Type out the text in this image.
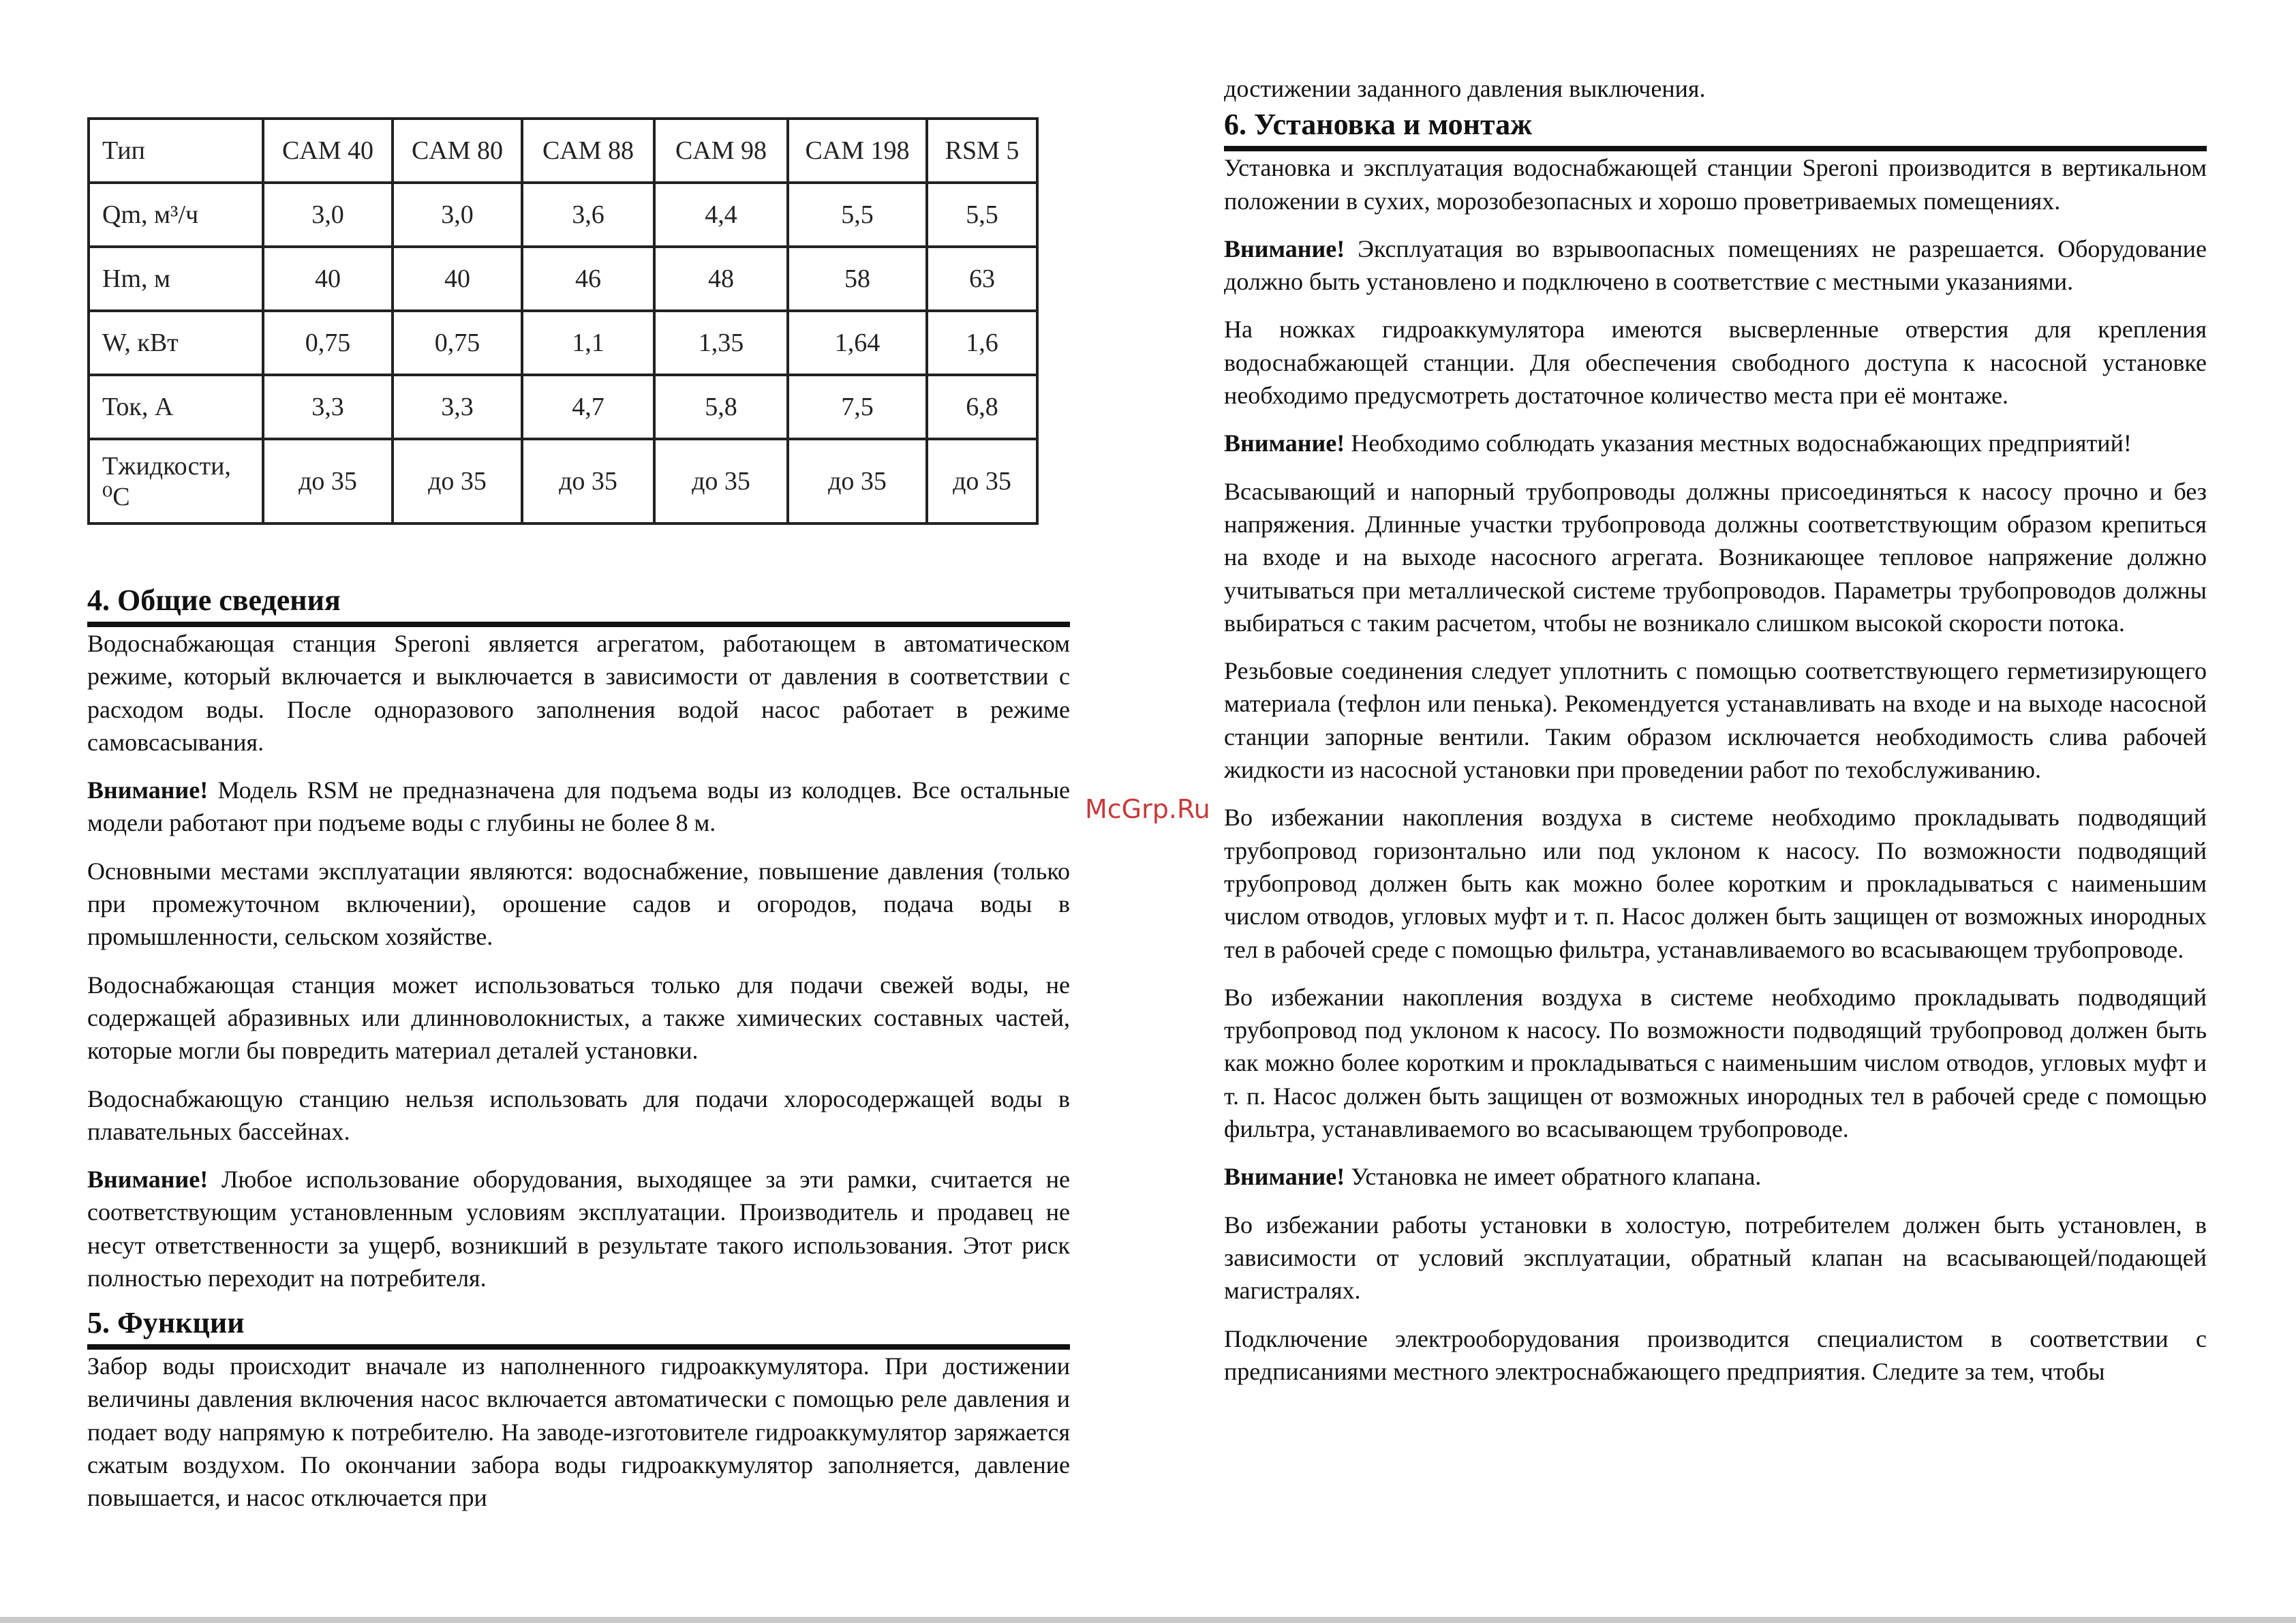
Тип	CAM 40	CAM 80	CAM 88	CAM 98	CAM 198	RSM 5
Qm, м³/ч	3,0	3,0	3,6	4,4	5,5	5,5
Hm, м	40	40	46	48	58	63
W, кВт	0,75	0,75	1,1	1,35	1,64	1,6
Ток, А	3,3	3,3	4,7	5,8	7,5	6,8
Тжидкости, ⁰С	до 35	до 35	до 35	до 35	до 35	до 35
4. Общие сведения

Водоснабжающая станция Speroni является агрегатом, работающем в автоматическом режиме, который включается и выключается в зависимости от давления в соответствии с расходом воды. После одноразового заполнения водой насос работает в режиме самовсасывания.

Внимание! Модель RSM не предназначена для подъема воды из колодцев. Все остальные модели работают при подъеме воды с глубины не более 8 м.

Основными местами эксплуатации являются: водоснабжение, повышение давления (только при промежуточном включении), орошение садов и огородов, подача воды в промышленности, сельском хозяйстве.

Водоснабжающая станция может использоваться только для подачи свежей воды, не содержащей абразивных или длинноволокнистых, а также химических составных частей, которые могли бы повредить материал деталей установки.

Водоснабжающую станцию нельзя использовать для подачи хлоросодержащей воды в плавательных бассейнах.

Внимание! Любое использование оборудования, выходящее за эти рамки, считается не соответствующим установленным условиям эксплуатации. Производитель и продавец не несут ответственности за ущерб, возникший в результате такого использования. Этот риск полностью переходит на потребителя.

5. Функции

Забор воды происходит вначале из наполненного гидроаккумулятора. При достижении величины давления включения насос включается автоматически с помощью реле давления и подает воду напрямую к потребителю. На заводе-изготовителе гидроаккумулятор заряжается сжатым воздухом. По окончании забора воды гидроаккумулятор заполняется, давление повышается, и насос отключается при

McGrp.Ru

достижении заданного давления выключения.

6. Установка и монтаж

Установка и эксплуатация водоснабжающей станции Speroni производится в вертикальном положении в сухих, морозобезопасных и хорошо проветриваемых помещениях.

Внимание! Эксплуатация во взрывоопасных помещениях не разрешается. Оборудование должно быть установлено и подключено в соответствие с местными указаниями.

На ножках гидроаккумулятора имеются высверленные отверстия для крепления водоснабжающей станции. Для обеспечения свободного доступа к насосной установке необходимо предусмотреть достаточное количество места при её монтаже.

Внимание! Необходимо соблюдать указания местных водоснабжающих предприятий!

Всасывающий и напорный трубопроводы должны присоединяться к насосу прочно и без напряжения. Длинные участки трубопровода должны соответствующим образом крепиться на входе и на выходе насосного агрегата. Возникающее тепловое напряжение должно учитываться при металлической системе трубопроводов. Параметры трубопроводов должны выбираться с таким расчетом, чтобы не возникало слишком высокой скорости потока.

Резьбовые соединения следует уплотнить с помощью соответствующего герметизирующего материала (тефлон или пенька). Рекомендуется устанавливать на входе и на выходе насосной станции запорные вентили. Таким образом исключается необходимость слива рабочей жидкости из насосной установки при проведении работ по техобслуживанию.

Во избежании накопления воздуха в системе необходимо прокладывать подводящий трубопровод горизонтально или под уклоном к насосу. По возможности подводящий трубопровод должен быть как можно более коротким и прокладываться с наименьшим числом отводов, угловых муфт и т. п. Насос должен быть защищен от возможных инородных тел в рабочей среде с помощью фильтра, устанавливаемого во всасывающем трубопроводе.

Во избежании накопления воздуха в системе необходимо прокладывать подводящий трубопровод под уклоном к насосу. По возможности подводящий трубопровод должен быть как можно более коротким и прокладываться с наименьшим числом отводов, угловых муфт и т. п. Насос должен быть защищен от возможных инородных тел в рабочей среде с помощью фильтра, устанавливаемого во всасывающем трубопроводе.

Внимание! Установка не имеет обратного клапана.

Во избежании работы установки в холостую, потребителем должен быть установлен, в зависимости от условий эксплуатации, обратный клапан на всасывающей/подающей магистралях.

Подключение электрооборудования производится специалистом в соответствии с предписаниями местного электроснабжающего предприятия. Следите за тем, чтобы
